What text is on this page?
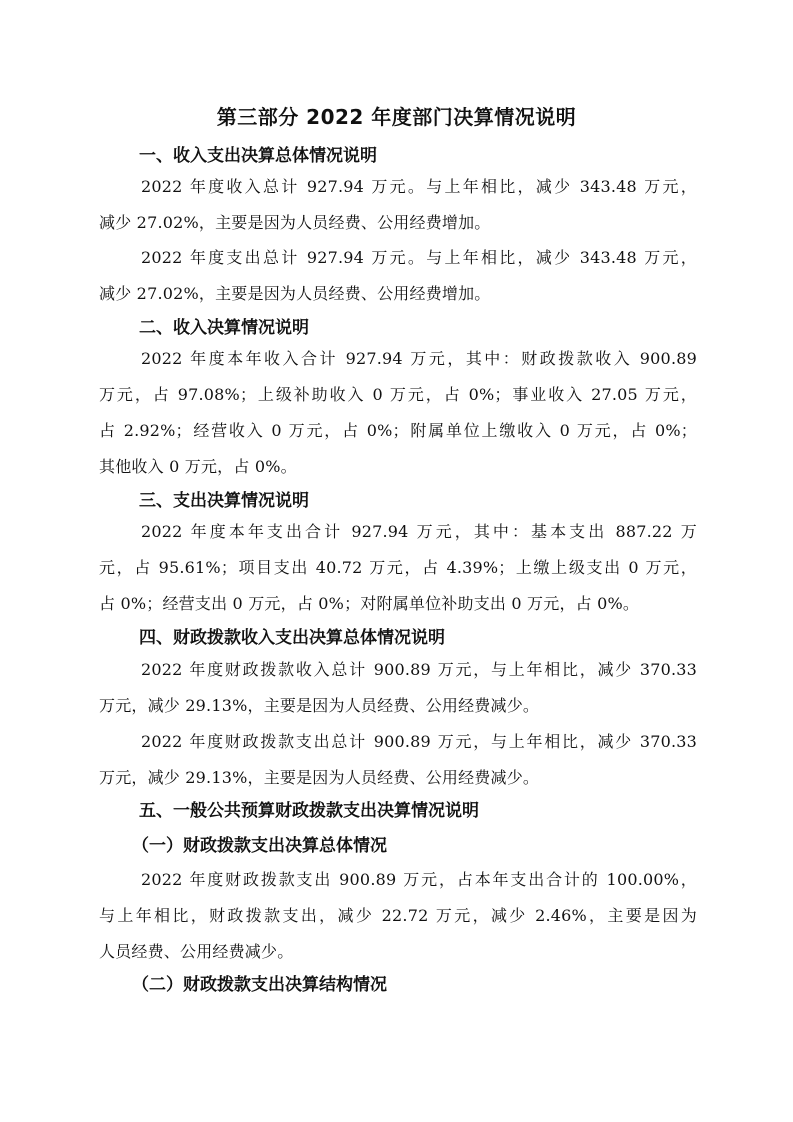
第三部分 2022 年度部门决算情况说明
一、收入支出决算总体情况说明
2022 年度收入总计 927.94 万元。与上年相比，减少 343.48 万元，
减少 27.02%，主要是因为人员经费、公用经费增加。
2022 年度支出总计 927.94 万元。与上年相比，减少 343.48 万元，
减少 27.02%，主要是因为人员经费、公用经费增加。
二、收入决算情况说明
2022 年度本年收入合计 927.94 万元，其中：财政拨款收入 900.89
万元，占 97.08%；上级补助收入 0 万元，占 0%；事业收入 27.05 万元，
占 2.92%；经营收入 0 万元，占 0%；附属单位上缴收入 0 万元，占 0%；
其他收入 0 万元，占 0%。
三、支出决算情况说明
2022 年度本年支出合计 927.94 万元，其中：基本支出 887.22 万
元，占 95.61%；项目支出 40.72 万元，占 4.39%；上缴上级支出 0 万元，
占 0%；经营支出 0 万元，占 0%；对附属单位补助支出 0 万元，占 0%。
四、财政拨款收入支出决算总体情况说明
2022 年度财政拨款收入总计 900.89 万元，与上年相比，减少 370.33
万元，减少 29.13%，主要是因为人员经费、公用经费减少。
2022 年度财政拨款支出总计 900.89 万元，与上年相比，减少 370.33
万元，减少 29.13%，主要是因为人员经费、公用经费减少。
五、一般公共预算财政拨款支出决算情况说明
（一）财政拨款支出决算总体情况
2022 年度财政拨款支出 900.89 万元，占本年支出合计的 100.00%，
与上年相比，财政拨款支出，减少 22.72 万元，减少 2.46%，主要是因为
人员经费、公用经费减少。
（二）财政拨款支出决算结构情况
